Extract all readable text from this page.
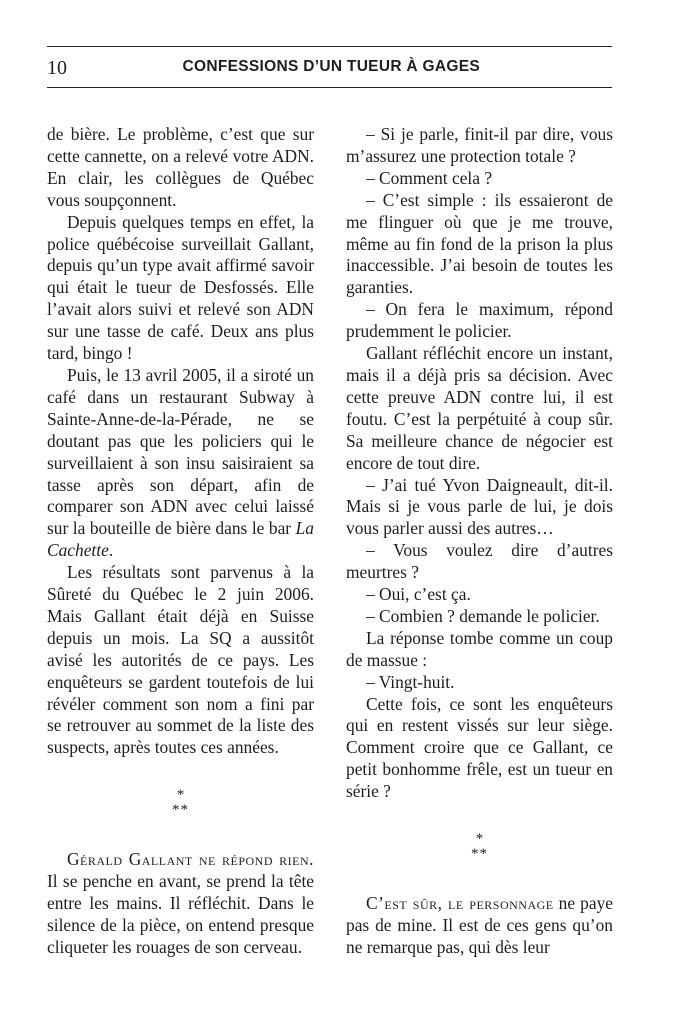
10	CONFESSIONS D’UN TUEUR À GAGES

de bière. Le problème, c’est que sur cette cannette, on a relevé votre ADN. En clair, les collègues de Québec vous soupçonnent.

Depuis quelques temps en effet, la police québécoise surveillait Gallant, depuis qu’un type avait affirmé savoir qui était le tueur de Desfossés. Elle l’avait alors suivi et relevé son ADN sur une tasse de café. Deux ans plus tard, bingo !

Puis, le 13 avril 2005, il a siroté un café dans un restaurant Subway à Sainte-Anne-de-la-Pérade, ne se doutant pas que les policiers qui le surveillaient à son insu saisiraient sa tasse après son départ, afin de comparer son ADN avec celui laissé sur la bouteille de bière dans le bar La Cachette.

Les résultats sont parvenus à la Sûreté du Québec le 2 juin 2006. Mais Gallant était déjà en Suisse depuis un mois. La SQ a aussitôt avisé les autorités de ce pays. Les enquêteurs se gardent toutefois de lui révéler comment son nom a fini par se retrouver au sommet de la liste des suspects, après toutes ces années.

*
**

Gérald Gallant ne répond rien. Il se penche en avant, se prend la tête entre les mains. Il réfléchit. Dans le silence de la pièce, on entend presque cliqueter les rouages de son cerveau.

– Si je parle, finit-il par dire, vous m’assurez une protection totale ?

– Comment cela ?

– C’est simple : ils essaieront de me flinguer où que je me trouve, même au fin fond de la prison la plus inaccessible. J’ai besoin de toutes les garanties.

– On fera le maximum, répond prudemment le policier.

Gallant réfléchit encore un instant, mais il a déjà pris sa décision. Avec cette preuve ADN contre lui, il est foutu. C’est la perpétuité à coup sûr. Sa meilleure chance de négocier est encore de tout dire.

– J’ai tué Yvon Daigneault, dit-il. Mais si je vous parle de lui, je dois vous parler aussi des autres…

– Vous voulez dire d’autres meurtres ?

– Oui, c’est ça.

– Combien ? demande le policier.

La réponse tombe comme un coup de massue :

– Vingt-huit.

Cette fois, ce sont les enquêteurs qui en restent vissés sur leur siège. Comment croire que ce Gallant, ce petit bonhomme frêle, est un tueur en série ?

*
**

C’est sûr, le personnage ne paye pas de mine. Il est de ces gens qu’on ne remarque pas, qui dès leur
